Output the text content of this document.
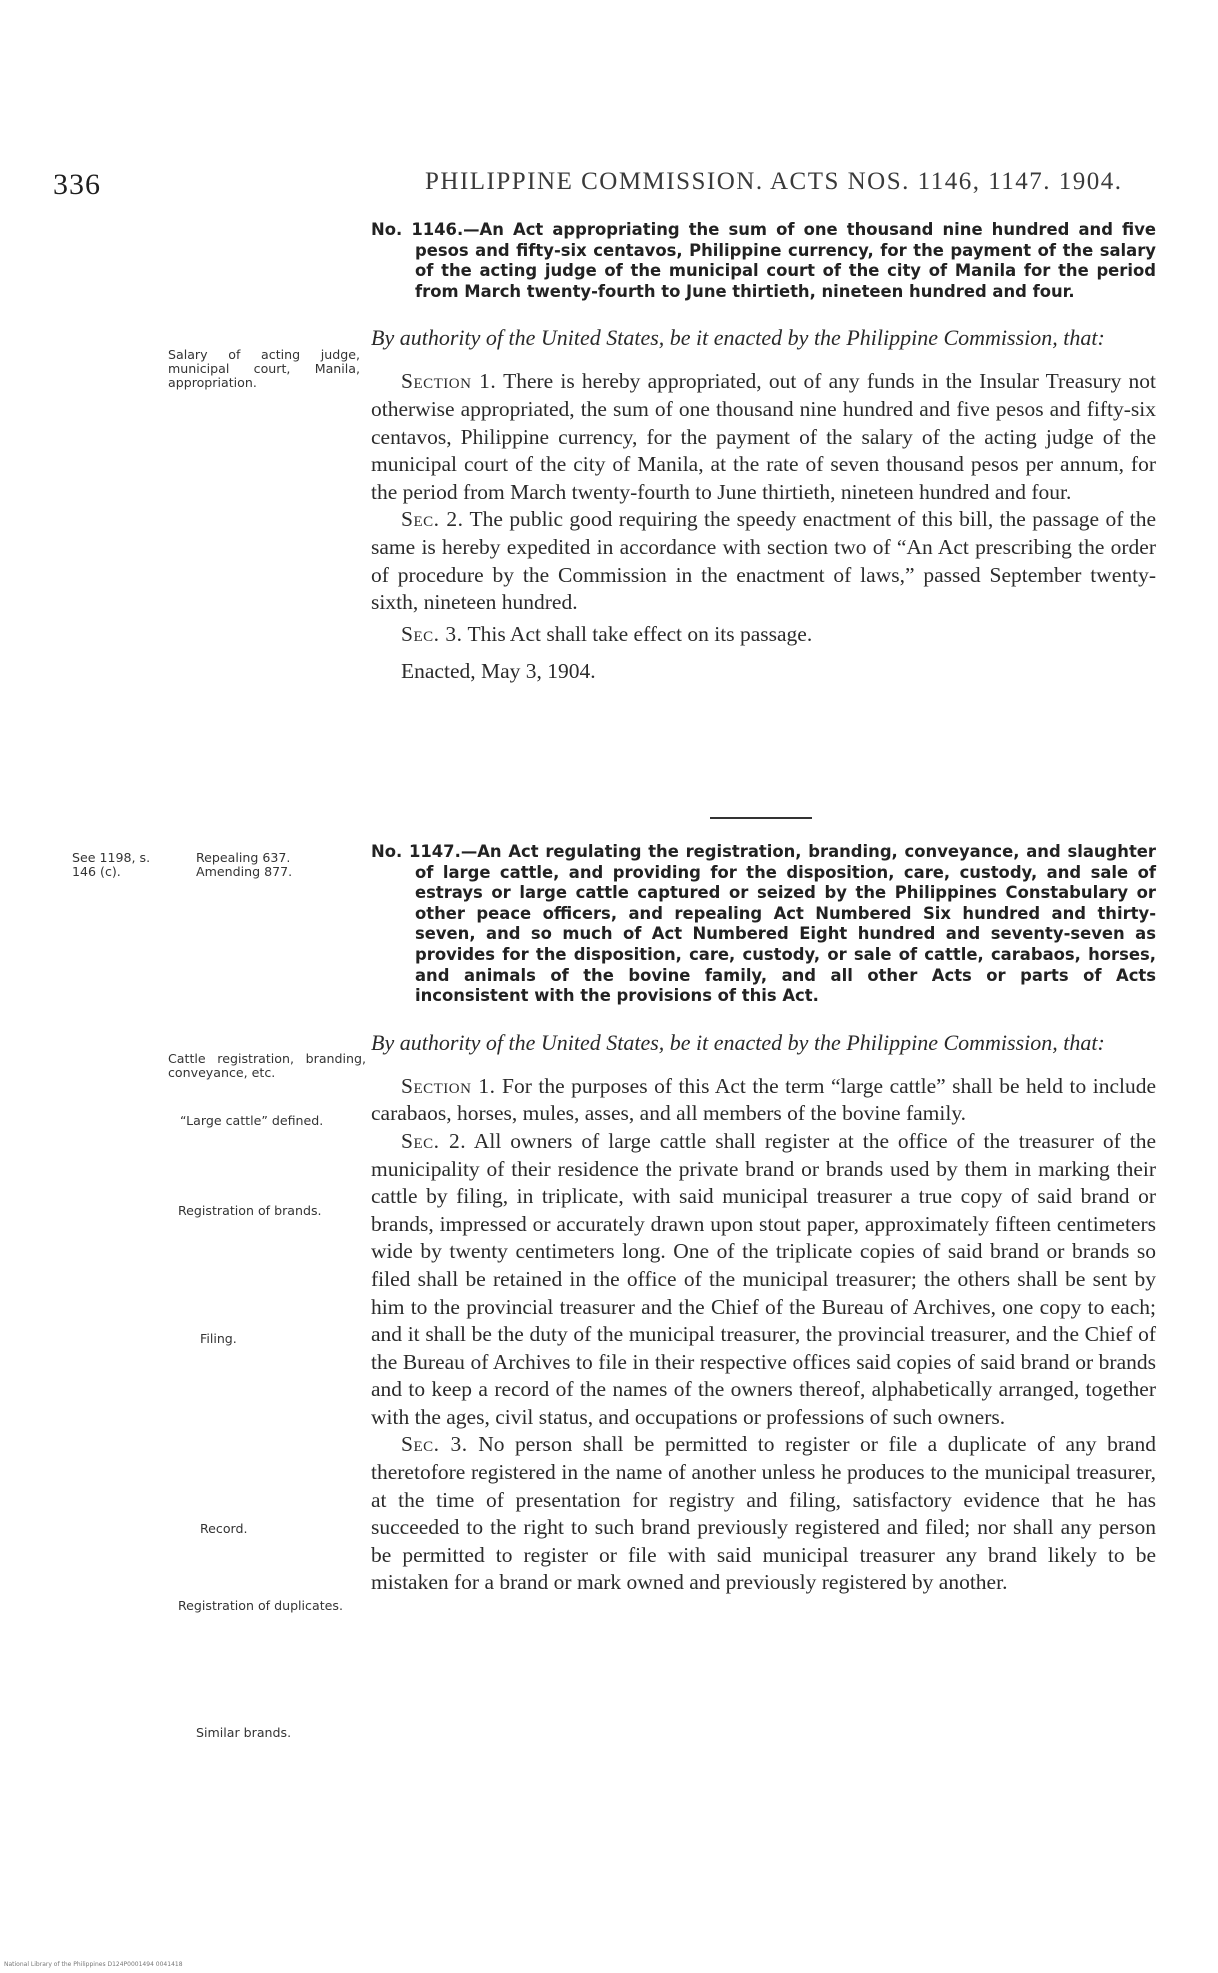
336	PHILIPPINE COMMISSION. ACTS NOS. 1146, 1147. 1904.
No. 1146.—An Act appropriating the sum of one thousand nine hundred and five pesos and fifty-six centavos, Philippine currency, for the payment of the salary of the acting judge of the municipal court of the city of Manila for the period from March twenty-fourth to June thirtieth, nineteen hundred and four.
By authority of the United States, be it enacted by the Philippine Commission, that:

Section 1. There is hereby appropriated, out of any funds in the Insular Treasury not otherwise appropriated, the sum of one thousand nine hundred and five pesos and fifty-six centavos, Philippine currency, for the payment of the salary of the acting judge of the municipal court of the city of Manila, at the rate of seven thousand pesos per annum, for the period from March twenty-fourth to June thirtieth, nineteen hundred and four.

Sec. 2. The public good requiring the speedy enactment of this bill, the passage of the same is hereby expedited in accordance with section two of “An Act prescribing the order of procedure by the Commission in the enactment of laws,” passed September twenty-sixth, nineteen hundred.

Sec. 3. This Act shall take effect on its passage.

Enacted, May 3, 1904.
No. 1147.—An Act regulating the registration, branding, conveyance, and slaughter of large cattle, and providing for the disposition, care, custody, and sale of estrays or large cattle captured or seized by the Philippines Constabulary or other peace officers, and repealing Act Numbered Six hundred and thirty-seven, and so much of Act Numbered Eight hundred and seventy-seven as provides for the disposition, care, custody, or sale of cattle, carabaos, horses, and animals of the bovine family, and all other Acts or parts of Acts inconsistent with the provisions of this Act.
By authority of the United States, be it enacted by the Philippine Commission, that:

Section 1. For the purposes of this Act the term “large cattle” shall be held to include carabaos, horses, mules, asses, and all members of the bovine family.

Sec. 2. All owners of large cattle shall register at the office of the treasurer of the municipality of their residence the private brand or brands used by them in marking their cattle by filing, in triplicate, with said municipal treasurer a true copy of said brand or brands, impressed or accurately drawn upon stout paper, approximately fifteen centimeters wide by twenty centimeters long. One of the triplicate copies of said brand or brands so filed shall be retained in the office of the municipal treasurer; the others shall be sent by him to the provincial treasurer and the Chief of the Bureau of Archives, one copy to each; and it shall be the duty of the municipal treasurer, the provincial treasurer, and the Chief of the Bureau of Archives to file in their respective offices said copies of said brand or brands and to keep a record of the names of the owners thereof, alphabetically arranged, together with the ages, civil status, and occupations or professions of such owners.

Sec. 3. No person shall be permitted to register or file a duplicate of any brand theretofore registered in the name of another unless he produces to the municipal treasurer, at the time of presentation for registry and filing, satisfactory evidence that he has succeeded to the right to such brand previously registered and filed; nor shall any person be permitted to register or file with said municipal treasurer any brand likely to be mistaken for a brand or mark owned and previously registered by another.

Salary of acting judge, municipal court, Manila, appropriation.
See 1198, s. 146 (c).
Repealing 637. Amending 877.
Cattle registration, branding, conveyance, etc.
“Large cattle” defined.
Registration of brands.
Filing.
Record.
Registration of duplicates.
Similar brands.
National Library of the Philippines D124P0001494 0041418
